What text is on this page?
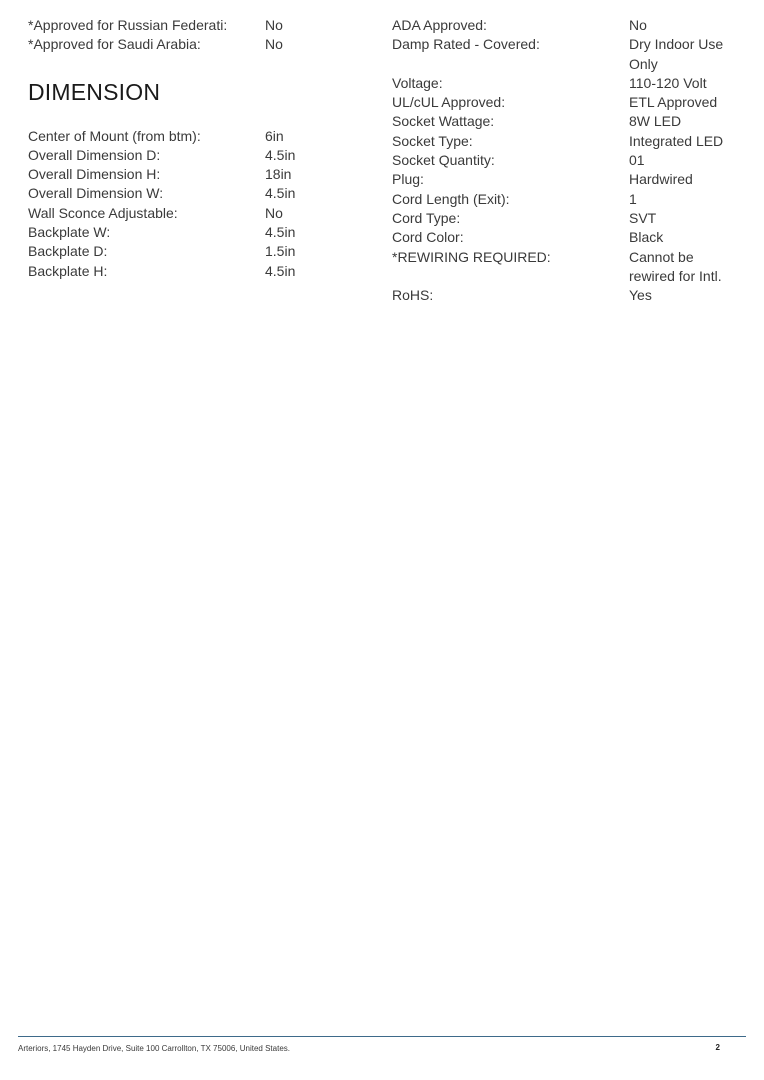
*Approved for Russian Federati:	No
*Approved for Saudi Arabia:	No
DIMENSION
Center of Mount (from btm):	6in
Overall Dimension D:	4.5in
Overall Dimension H:	18in
Overall Dimension W:	4.5in
Wall Sconce Adjustable:	No
Backplate W:	4.5in
Backplate D:	1.5in
Backplate H:	4.5in
ADA Approved:	No
Damp Rated - Covered:	Dry Indoor Use Only
Voltage:	110-120 Volt
UL/cUL Approved:	ETL Approved
Socket Wattage:	8W LED
Socket Type:	Integrated LED
Socket Quantity:	01
Plug:	Hardwired
Cord Length (Exit):	1
Cord Type:	SVT
Cord Color:	Black
*REWIRING REQUIRED:	Cannot be rewired for Intl.
RoHS:	Yes
Arteriors, 1745 Hayden Drive, Suite 100 Carrollton, TX 75006, United States.	2
